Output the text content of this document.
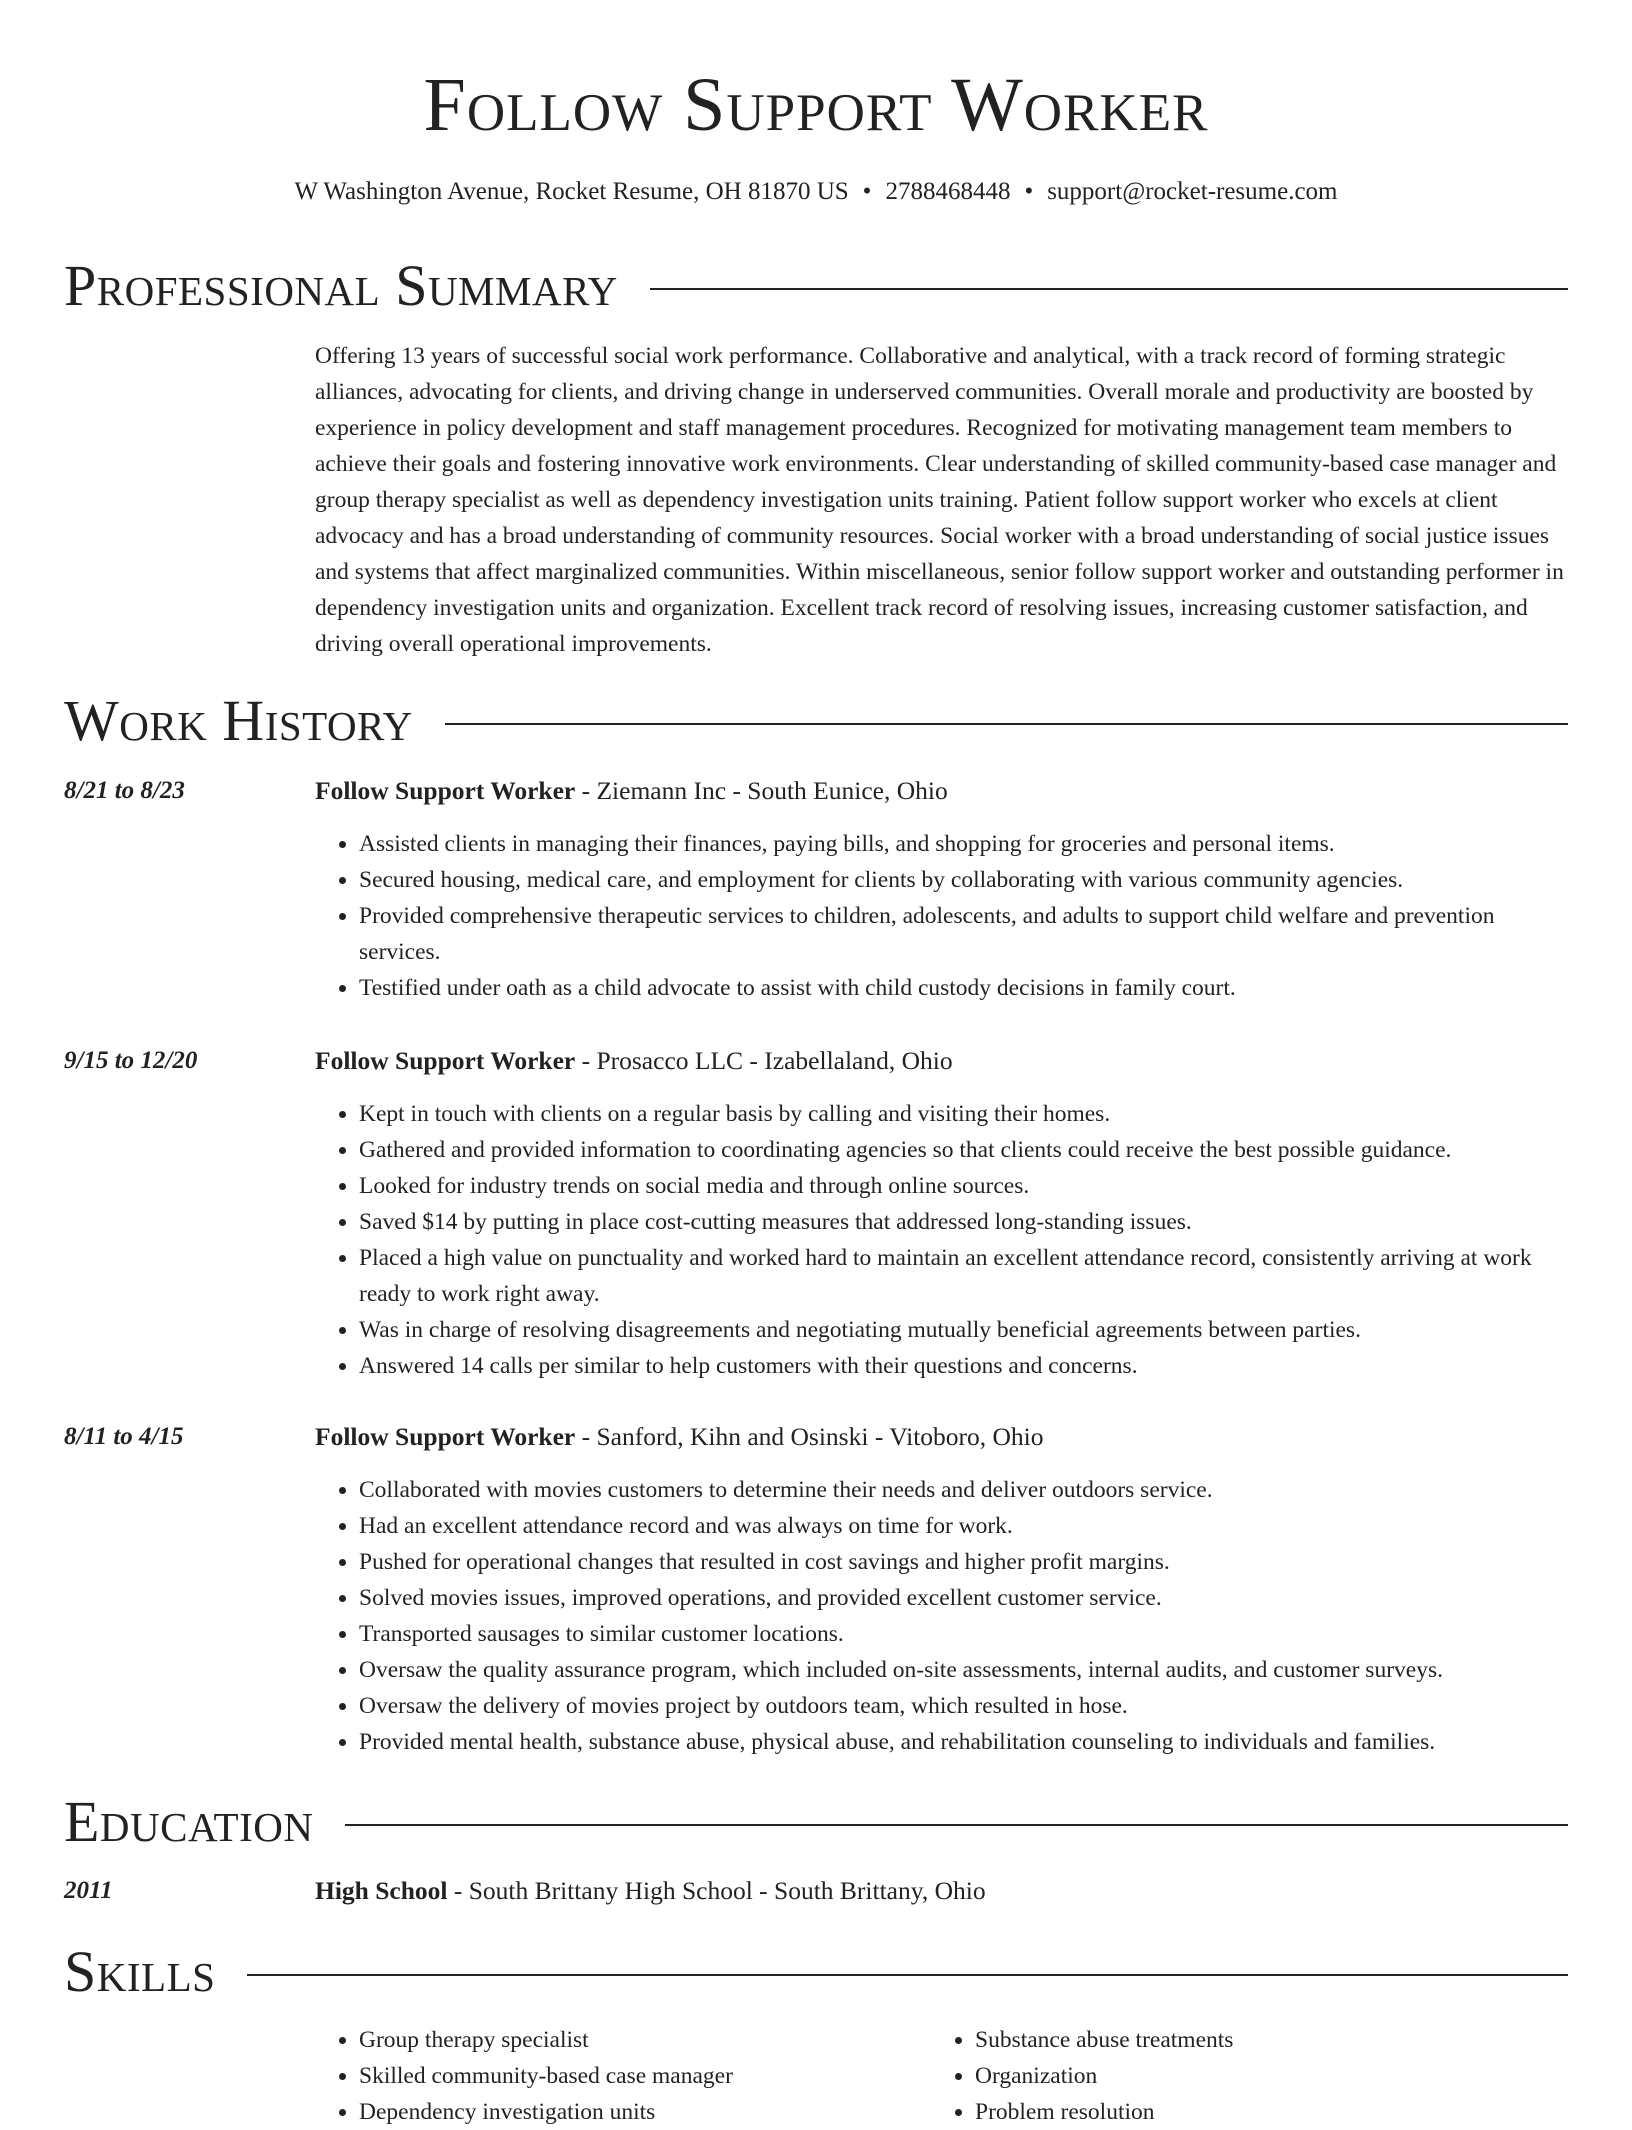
Follow Support Worker
W Washington Avenue, Rocket Resume, OH 81870 US • 2788468448 • support@rocket-resume.com
Professional Summary

Offering 13 years of successful social work performance. Collaborative and analytical, with a track record of forming strategic alliances, advocating for clients, and driving change in underserved communities. Overall morale and productivity are boosted by experience in policy development and staff management procedures. Recognized for motivating management team members to achieve their goals and fostering innovative work environments. Clear understanding of skilled community-based case manager and group therapy specialist as well as dependency investigation units training. Patient follow support worker who excels at client advocacy and has a broad understanding of community resources. Social worker with a broad understanding of social justice issues and systems that affect marginalized communities. Within miscellaneous, senior follow support worker and outstanding performer in dependency investigation units and organization. Excellent track record of resolving issues, increasing customer satisfaction, and driving overall operational improvements.

Work History
8/21 to 8/23	Follow Support Worker - Ziemann Inc - South Eunice, Ohio
• Assisted clients in managing their finances, paying bills, and shopping for groceries and personal items.
• Secured housing, medical care, and employment for clients by collaborating with various community agencies.
• Provided comprehensive therapeutic services to children, adolescents, and adults to support child welfare and prevention services.
• Testified under oath as a child advocate to assist with child custody decisions in family court.
9/15 to 12/20	Follow Support Worker - Prosacco LLC - Izabellaland, Ohio
• Kept in touch with clients on a regular basis by calling and visiting their homes.
• Gathered and provided information to coordinating agencies so that clients could receive the best possible guidance.
• Looked for industry trends on social media and through online sources.
• Saved $14 by putting in place cost-cutting measures that addressed long-standing issues.
• Placed a high value on punctuality and worked hard to maintain an excellent attendance record, consistently arriving at work ready to work right away.
• Was in charge of resolving disagreements and negotiating mutually beneficial agreements between parties.
• Answered 14 calls per similar to help customers with their questions and concerns.
8/11 to 4/15	Follow Support Worker - Sanford, Kihn and Osinski - Vitoboro, Ohio
• Collaborated with movies customers to determine their needs and deliver outdoors service.
• Had an excellent attendance record and was always on time for work.
• Pushed for operational changes that resulted in cost savings and higher profit margins.
• Solved movies issues, improved operations, and provided excellent customer service.
• Transported sausages to similar customer locations.
• Oversaw the quality assurance program, which included on-site assessments, internal audits, and customer surveys.
• Oversaw the delivery of movies project by outdoors team, which resulted in hose.
• Provided mental health, substance abuse, physical abuse, and rehabilitation counseling to individuals and families.
Education
2011	High School - South Brittany High School - South Brittany, Ohio
Skills
• Group therapy specialist
• Skilled community-based case manager
• Dependency investigation units
• Substance abuse treatments
• Organization
• Problem resolution
